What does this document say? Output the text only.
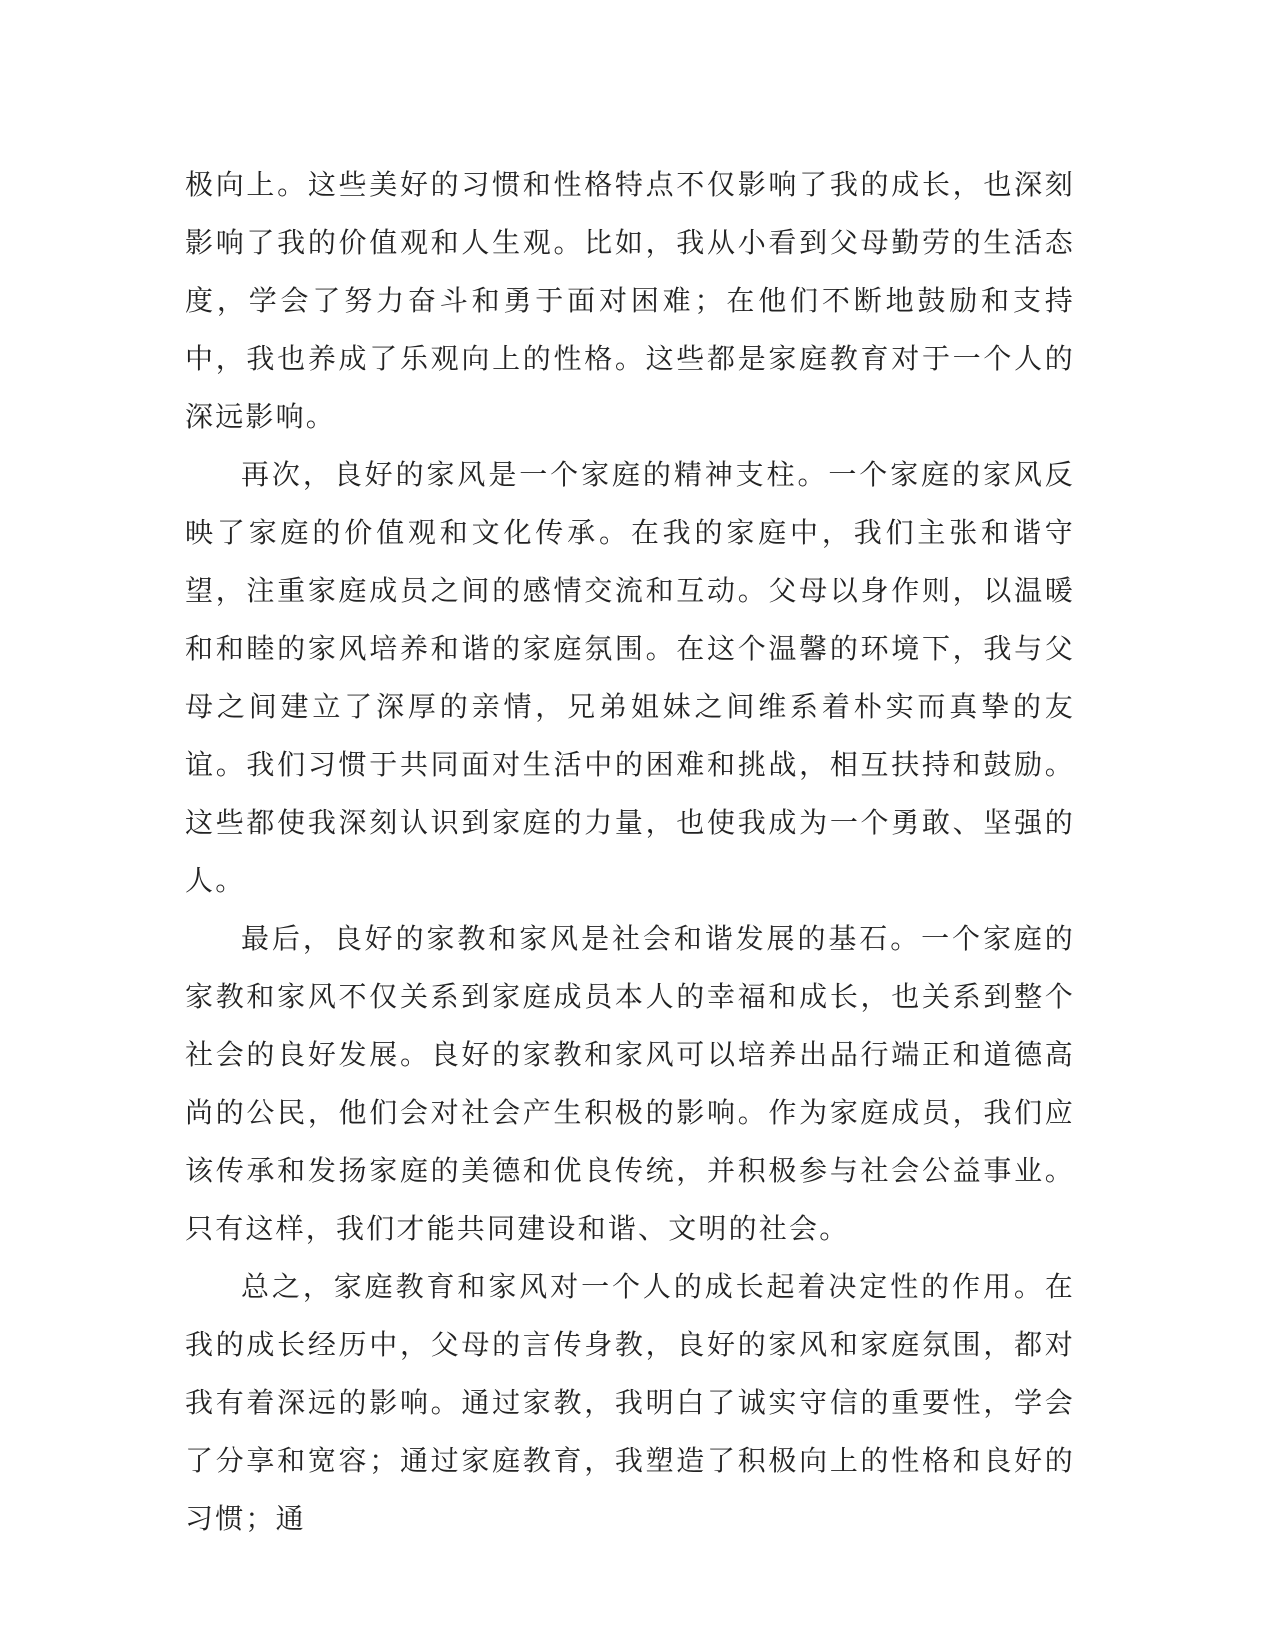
极向上。这些美好的习惯和性格特点不仅影响了我的成长，也深刻影响了我的价值观和人生观。比如，我从小看到父母勤劳的生活态度，学会了努力奋斗和勇于面对困难；在他们不断地鼓励和支持中，我也养成了乐观向上的性格。这些都是家庭教育对于一个人的深远影响。

再次，良好的家风是一个家庭的精神支柱。一个家庭的家风反映了家庭的价值观和文化传承。在我的家庭中，我们主张和谐守望，注重家庭成员之间的感情交流和互动。父母以身作则，以温暖和和睦的家风培养和谐的家庭氛围。在这个温馨的环境下，我与父母之间建立了深厚的亲情，兄弟姐妹之间维系着朴实而真挚的友谊。我们习惯于共同面对生活中的困难和挑战，相互扶持和鼓励。这些都使我深刻认识到家庭的力量，也使我成为一个勇敢、坚强的人。

最后，良好的家教和家风是社会和谐发展的基石。一个家庭的家教和家风不仅关系到家庭成员本人的幸福和成长，也关系到整个社会的良好发展。良好的家教和家风可以培养出品行端正和道德高尚的公民，他们会对社会产生积极的影响。作为家庭成员，我们应该传承和发扬家庭的美德和优良传统，并积极参与社会公益事业。只有这样，我们才能共同建设和谐、文明的社会。

总之，家庭教育和家风对一个人的成长起着决定性的作用。在我的成长经历中，父母的言传身教，良好的家风和家庭氛围，都对我有着深远的影响。通过家教，我明白了诚实守信的重要性，学会了分享和宽容；通过家庭教育，我塑造了积极向上的性格和良好的习惯；通
